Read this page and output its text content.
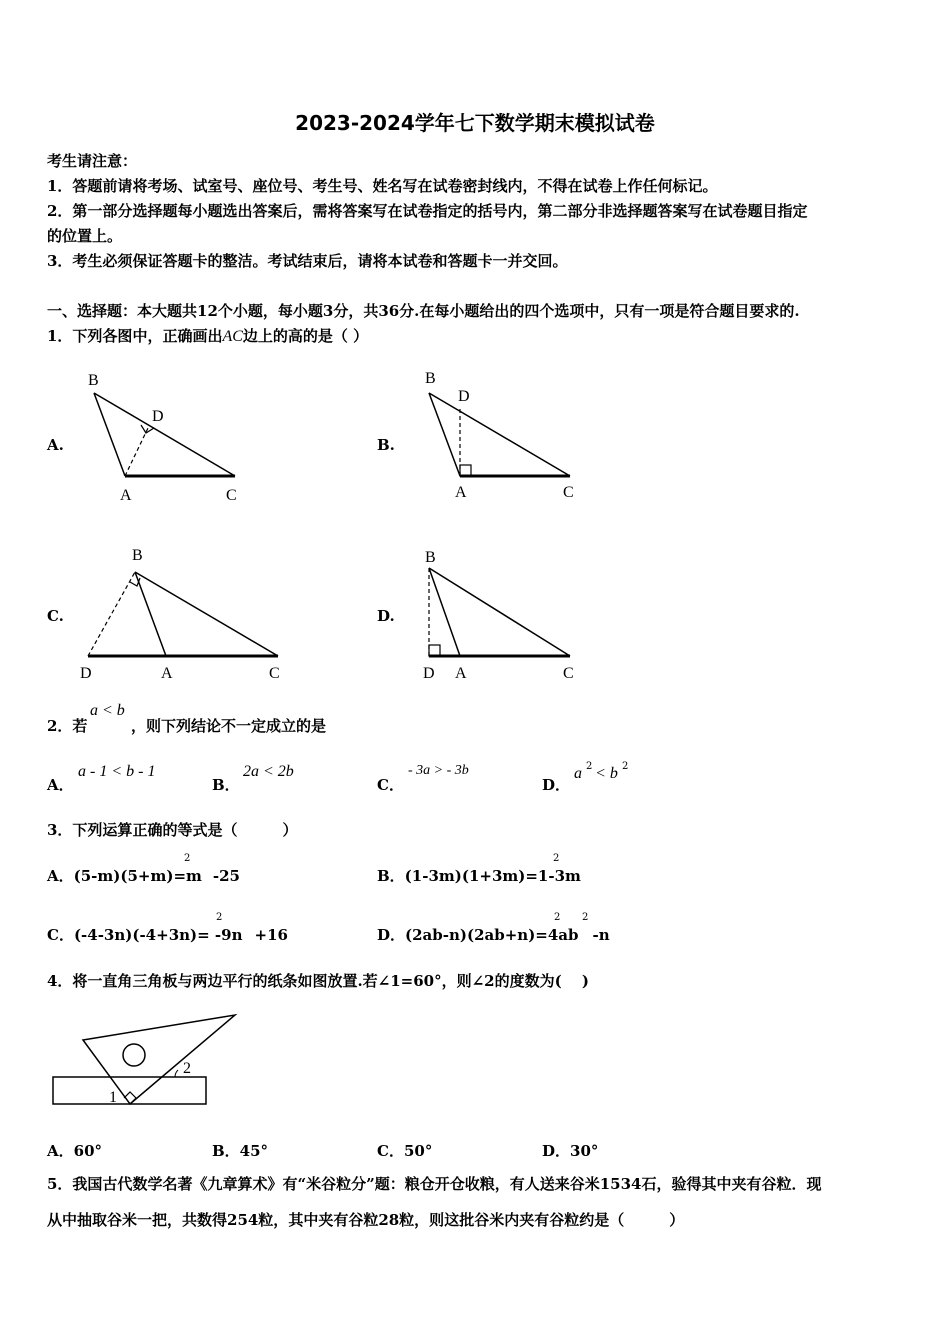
2023-2024学年七下数学期末模拟试卷
考生请注意：
1．答题前请将考场、试室号、座位号、考生号、姓名写在试卷密封线内，不得在试卷上作任何标记。
2．第一部分选择题每小题选出答案后，需将答案写在试卷指定的括号内，第二部分非选择题答案写在试卷题目指定
的位置上。
3．考生必须保证答题卡的整洁。考试结束后，请将本试卷和答题卡一并交回。
一、选择题：本大题共12个小题，每小题3分，共36分.在每小题给出的四个选项中，只有一项是符合题目要求的.
1．下列各图中，正确画出AC边上的高的是（ ）
A.	B.
C.	D.
B
D
A	C
B
D
A	C
B
D	A	C
B
D A	C
2．若
a < b
，则下列结论不一定成立的是
A．
a - 1 < b - 1
B．
2a < 2b
C．
- 3a > - 3b
D．
a 2 < b 2
3．下列运算正确的等式是（　　　）
A．(5-m)(5+m)=m -25
2
B．(1-3m)(1+3m)=1-3m
2
C．(-4-3n)(-4+3n)= -9n +16
2
D．(2ab-n)(2ab+n)=4ab -n
2 2
4．将一直角三角板与两边平行的纸条如图放置.若∠1=60°，则∠2的度数为(　 )
2
1
A．60°	B．45°	C．50°	D．30°
5．我国古代数学名著《九章算术》有“米谷粒分”题：粮仓开仓收粮，有人送来谷米1534石，验得其中夹有谷粒．现
从中抽取谷米一把，共数得254粒，其中夹有谷粒28粒，则这批谷米内夹有谷粒约是（　　　）
